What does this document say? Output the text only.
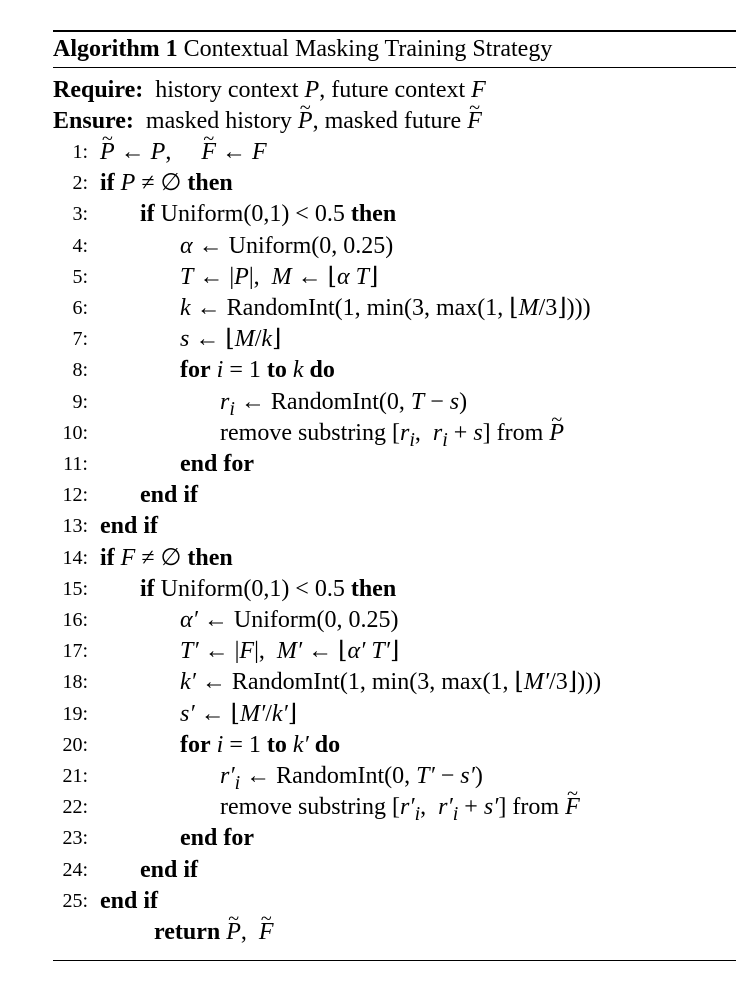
Algorithm 1 Contextual Masking Training Strategy
Require:  history context P, future context F
Ensure:  masked history ~ P, masked future ~ F
1: ~ P ← P,     ~ F ← F
2: if P ≠ ∅ then
3: if Uniform(0,1) < 0.5 then
4:	α ← Uniform(0, 0.25)
5:	T ← |P|,  M ← ⌊α T⌋
6:	k ← RandomInt(1, min(3, max(1, ⌊M/3⌋)))
7:	s ← ⌊M/k⌋
8:	for i = 1 to k do
9:	$r_i$ ← RandomInt(0, T − s)
10:	remove substring [$r_i$,  $r_i + s$] from ~ P
11:	end for
12: end if
13: end if
14: if F ≠ ∅ then
15: if Uniform(0,1) < 0.5 then
16:	α′ ← Uniform(0, 0.25)
17:	T′ ← |F|,  M′ ← ⌊α′ T′⌋
18:	k′ ← RandomInt(1, min(3, max(1, ⌊M′/3⌋)))
19:	s′ ← ⌊M′/k′⌋
20:	for i = 1 to k′ do
21:	$r'_i$ ← RandomInt(0, T′ − s′)
22:	remove substring [$r'_i$,  $r'_i + s'$] from ~ F
23:	end for
24: end if
25: end if
return ~ P,  ~ F
